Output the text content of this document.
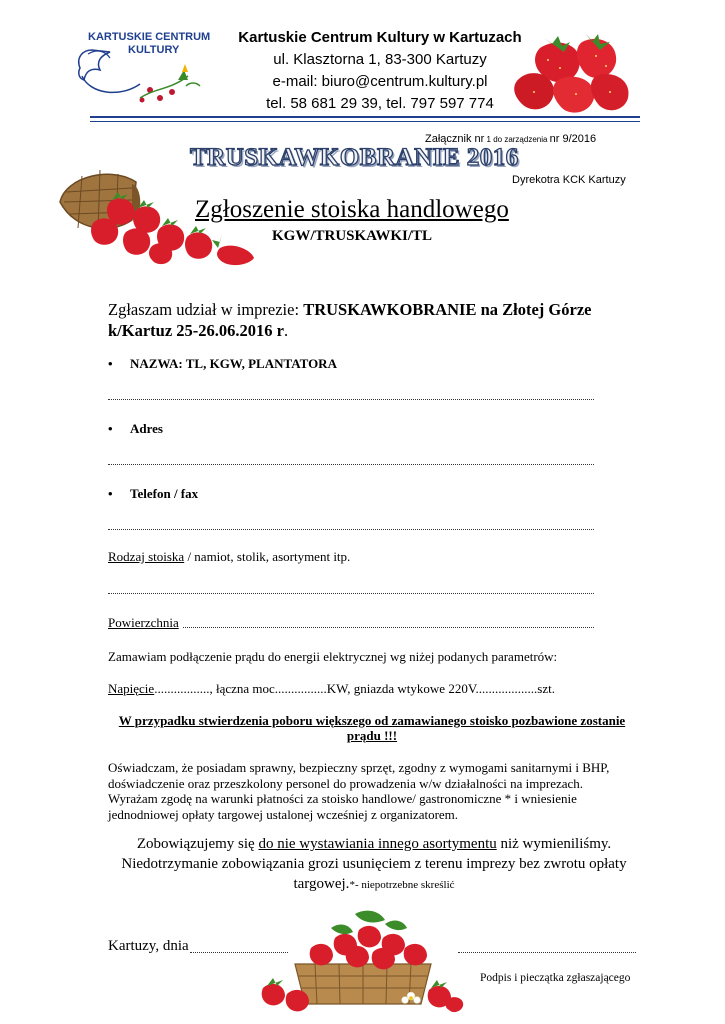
KARTUSKIE CENTRUM
KULTURY
Kartuskie Centrum Kultury w Kartuzach
ul. Klasztorna 1, 83-300 Kartuzy
e-mail: biuro@centrum.kultury.pl
tel. 58 681 29 39, tel. 797 597 774
Załącznik nr 1 do zarządzenia nr 9/2016
Dyrekotra KCK Kartuzy
TRUSKAWKOBRANIE 2016
Zgłoszenie stoiska handlowego
KGW/TRUSKAWKI/TL
Zgłaszam udział w imprezie: TRUSKAWKOBRANIE na Złotej Górze
k/Kartuz 25-26.06.2016 r.
• NAZWA: TL, KGW, PLANTATORA
• Adres
• Telefon / fax
Rodzaj stoiska / namiot, stolik, asortyment itp.
Powierzchnia
Zamawiam podłączenie prądu do energii elektrycznej wg niżej podanych parametrów:
Napięcie................., łączna moc................KW, gniazda wtykowe 220V...................szt.
W przypadku stwierdzenia poboru większego od zamawianego stoisko pozbawione zostanie
prądu !!!
Oświadczam, że posiadam sprawny, bezpieczny sprzęt, zgodny z wymogami sanitarnymi i BHP,
doświadczenie oraz przeszkolony personel do prowadzenia w/w działalności na imprezach.
Wyrażam zgodę na warunki płatności za stoisko handlowe/ gastronomiczne * i wniesienie
jednodniowej opłaty targowej ustalonej wcześniej z organizatorem.
Zobowiązujemy się do nie wystawiania innego asortymentu niż wymieniliśmy.
Niedotrzymanie zobowiązania grozi usunięciem z terenu imprezy bez zwrotu opłaty
targowej.*- niepotrzebne skreślić
Kartuzy, dnia
Podpis i pieczątka zgłaszającego
